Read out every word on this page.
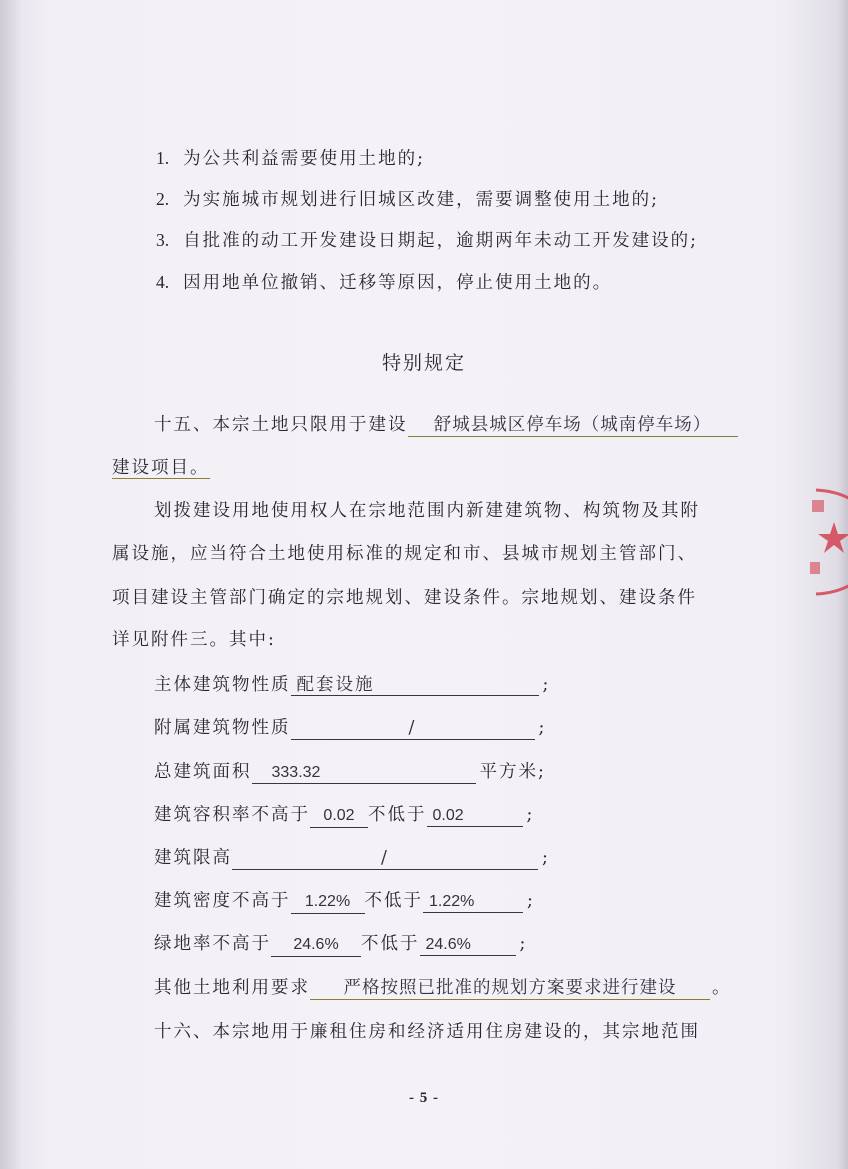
1. 为公共利益需要使用土地的;
2. 为实施城市规划进行旧城区改建，需要调整使用土地的;
3. 自批准的动工开发建设日期起，逾期两年未动工开发建设的;
4. 因用地单位撤销、迁移等原因，停止使用土地的。
特别规定
十五、本宗土地只限用于建设 舒城县城区停车场（城南停车场）
建设项目。
划拨建设用地使用权人在宗地范围内新建建筑物、构筑物及其附
属设施，应当符合土地使用标准的规定和市、县城市规划主管部门、
项目建设主管部门确定的宗地规划、建设条件。宗地规划、建设条件
详见附件三。其中:
主体建筑物性质 配套设施	;
附属建筑物性质	/	;
总建筑面积 333.32	平方米;
建筑容积率不高于 0.02 不低于 0.02	;
建筑限高	/	;
建筑密度不高于 1.22% 不低于 1.22%	;
绿地率不高于 24.6% 不低于 24.6%	;
其他土地利用要求 严格按照已批准的规划方案要求进行建设 。
十六、本宗地用于廉租住房和经济适用住房建设的，其宗地范围
- 5 -
